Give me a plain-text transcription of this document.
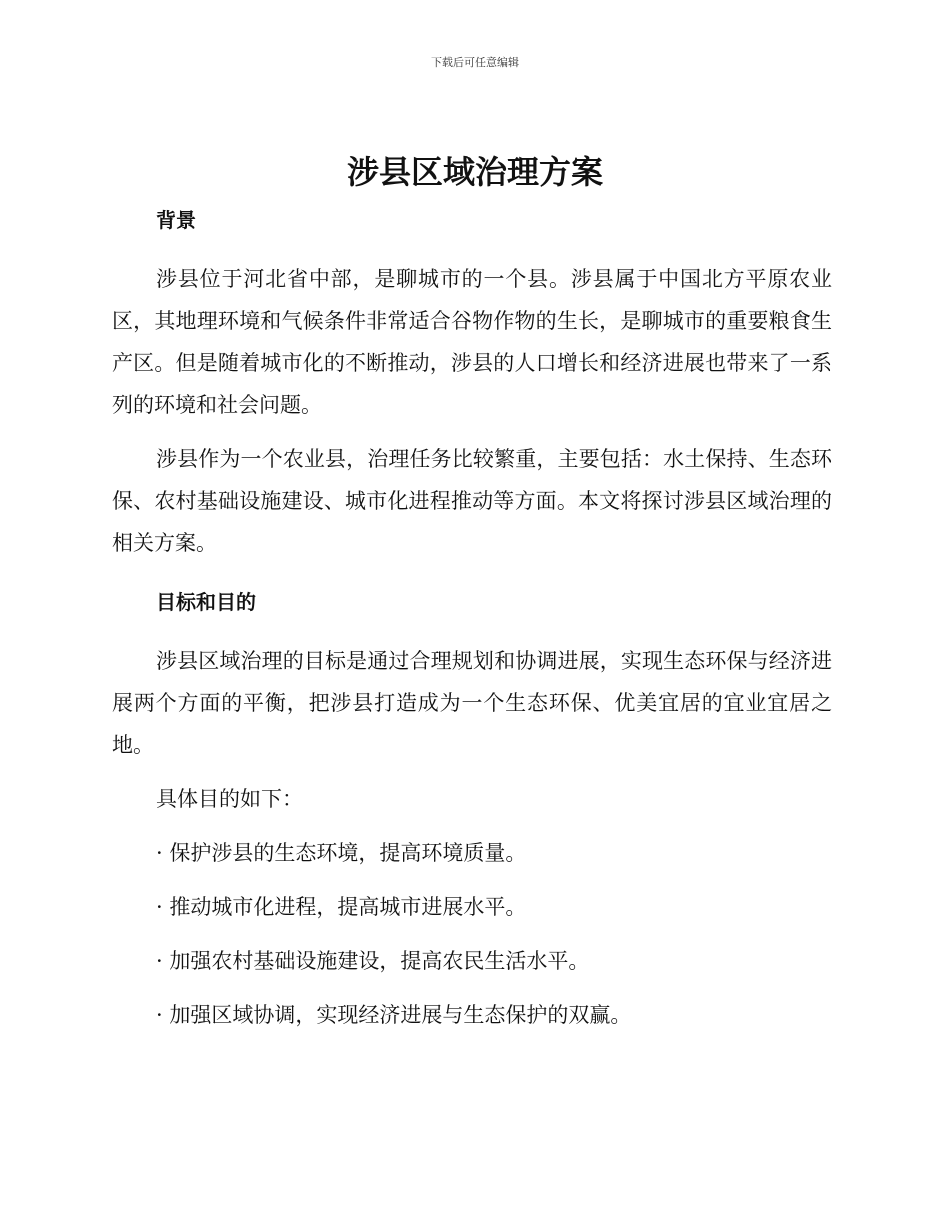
下载后可任意编辑
涉县区域治理方案
背景

涉县位于河北省中部，是聊城市的一个县。涉县属于中国北方平原农业区，其地理环境和气候条件非常适合谷物作物的生长，是聊城市的重要粮食生产区。但是随着城市化的不断推动，涉县的人口增长和经济进展也带来了一系列的环境和社会问题。

涉县作为一个农业县，治理任务比较繁重，主要包括：水土保持、生态环保、农村基础设施建设、城市化进程推动等方面。本文将探讨涉县区域治理的相关方案。

目标和目的

涉县区域治理的目标是通过合理规划和协调进展，实现生态环保与经济进展两个方面的平衡，把涉县打造成为一个生态环保、优美宜居的宜业宜居之地。

具体目的如下：

· 保护涉县的生态环境，提高环境质量。

· 推动城市化进程，提高城市进展水平。

· 加强农村基础设施建设，提高农民生活水平。

· 加强区域协调，实现经济进展与生态保护的双赢。
